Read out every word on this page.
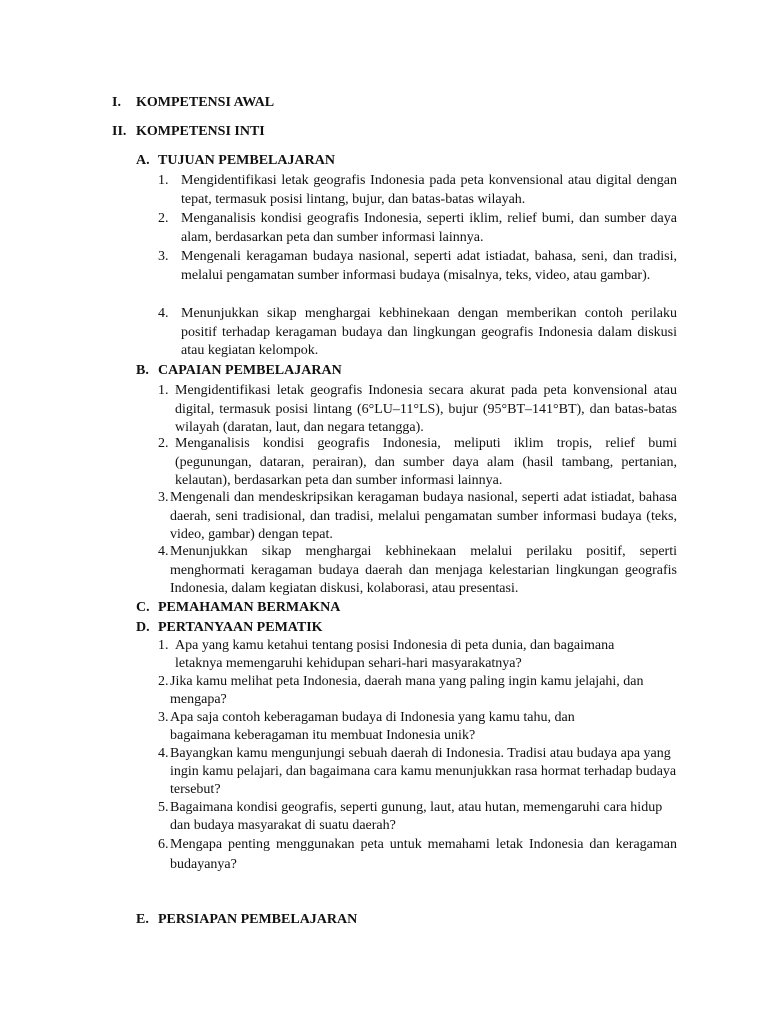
I. KOMPETENSI AWAL
II. KOMPETENSI INTI
A. TUJUAN PEMBELAJARAN
1. Mengidentifikasi letak geografis Indonesia pada peta konvensional atau digital dengan tepat, termasuk posisi lintang, bujur, dan batas-batas wilayah.
2. Menganalisis kondisi geografis Indonesia, seperti iklim, relief bumi, dan sumber daya alam, berdasarkan peta dan sumber informasi lainnya.
3. Mengenali keragaman budaya nasional, seperti adat istiadat, bahasa, seni, dan tradisi, melalui pengamatan sumber informasi budaya (misalnya, teks, video, atau gambar).
4. Menunjukkan sikap menghargai kebhinekaan dengan memberikan contoh perilaku positif terhadap keragaman budaya dan lingkungan geografis Indonesia dalam diskusi atau kegiatan kelompok.
B. CAPAIAN PEMBELAJARAN
1. Mengidentifikasi letak geografis Indonesia secara akurat pada peta konvensional atau digital, termasuk posisi lintang (6°LU–11°LS), bujur (95°BT–141°BT), dan batas-batas wilayah (daratan, laut, dan negara tetangga).
2. Menganalisis kondisi geografis Indonesia, meliputi iklim tropis, relief bumi (pegunungan, dataran, perairan), dan sumber daya alam (hasil tambang, pertanian, kelautan), berdasarkan peta dan sumber informasi lainnya.
3. Mengenali dan mendeskripsikan keragaman budaya nasional, seperti adat istiadat, bahasa daerah, seni tradisional, dan tradisi, melalui pengamatan sumber informasi budaya (teks, video, gambar) dengan tepat.
4. Menunjukkan sikap menghargai kebhinekaan melalui perilaku positif, seperti menghormati keragaman budaya daerah dan menjaga kelestarian lingkungan geografis Indonesia, dalam kegiatan diskusi, kolaborasi, atau presentasi.
C. PEMAHAMAN BERMAKNA
D. PERTANYAAN PEMATIK
1. Apa yang kamu ketahui tentang posisi Indonesia di peta dunia, dan bagaimana letaknya memengaruhi kehidupan sehari-hari masyarakatnya?
2. Jika kamu melihat peta Indonesia, daerah mana yang paling ingin kamu jelajahi, dan mengapa?
3. Apa saja contoh keberagaman budaya di Indonesia yang kamu tahu, dan bagaimana keberagaman itu membuat Indonesia unik?
4. Bayangkan kamu mengunjungi sebuah daerah di Indonesia. Tradisi atau budaya apa yang ingin kamu pelajari, dan bagaimana cara kamu menunjukkan rasa hormat terhadap budaya tersebut?
5. Bagaimana kondisi geografis, seperti gunung, laut, atau hutan, memengaruhi cara hidup dan budaya masyarakat di suatu daerah?
6. Mengapa penting menggunakan peta untuk memahami letak Indonesia dan keragaman budayanya?
E. PERSIAPAN PEMBELAJARAN
